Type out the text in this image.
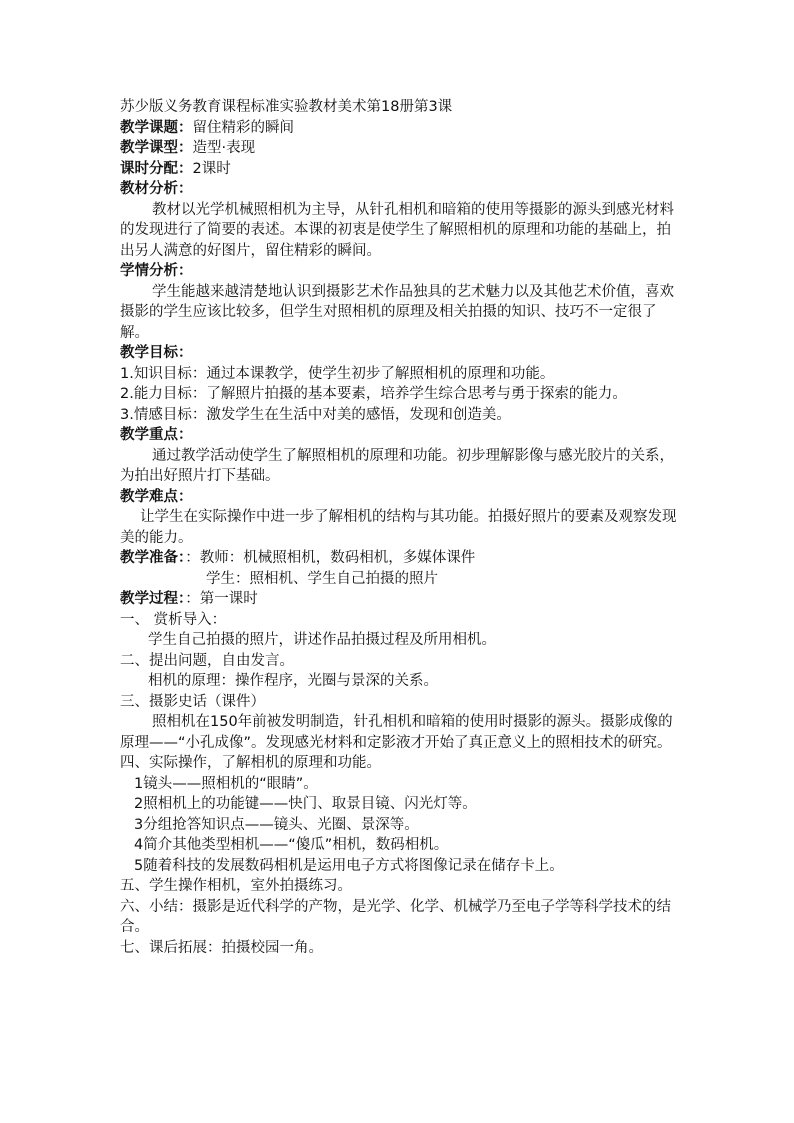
苏少版义务教育课程标准实验教材美术第18册第3课
教学课题：留住精彩的瞬间
教学课型：造型·表现
课时分配：2课时
教材分析：
教材以光学机械照相机为主导，从针孔相机和暗箱的使用等摄影的源头到感光材料的发现进行了简要的表述。本课的初衷是使学生了解照相机的原理和功能的基础上，拍出另人满意的好图片，留住精彩的瞬间。
学情分析：
学生能越来越清楚地认识到摄影艺术作品独具的艺术魅力以及其他艺术价值，喜欢摄影的学生应该比较多，但学生对照相机的原理及相关拍摄的知识、技巧不一定很了解。
教学目标：
1.知识目标：通过本课教学，使学生初步了解照相机的原理和功能。
2.能力目标：了解照片拍摄的基本要素，培养学生综合思考与勇于探索的能力。
3.情感目标：激发学生在生活中对美的感悟，发现和创造美。
教学重点：
通过教学活动使学生了解照相机的原理和功能。初步理解影像与感光胶片的关系，为拍出好照片打下基础。
教学难点：
让学生在实际操作中进一步了解相机的结构与其功能。拍摄好照片的要素及观察发现美的能力。
教学准备：：教师：机械照相机，数码相机，多媒体课件
学生：照相机、学生自己拍摄的照片
教学过程：：第一课时
一、 赏析导入：
学生自己拍摄的照片，讲述作品拍摄过程及所用相机。
二、提出问题，自由发言。
相机的原理：操作程序，光圈与景深的关系。
三、摄影史话（课件）
照相机在150年前被发明制造，针孔相机和暗箱的使用时摄影的源头。摄影成像的原理——“小孔成像”。发现感光材料和定影液才开始了真正意义上的照相技术的研究。
四、实际操作，了解相机的原理和功能。
1镜头——照相机的“眼睛”。
2照相机上的功能键——快门、取景目镜、闪光灯等。
3分组抢答知识点——镜头、光圈、景深等。
4简介其他类型相机——“傻瓜”相机，数码相机。
5随着科技的发展数码相机是运用电子方式将图像记录在储存卡上。
五、学生操作相机，室外拍摄练习。
六、小结：摄影是近代科学的产物，是光学、化学、机械学乃至电子学等科学技术的结合。
七、课后拓展：拍摄校园一角。
